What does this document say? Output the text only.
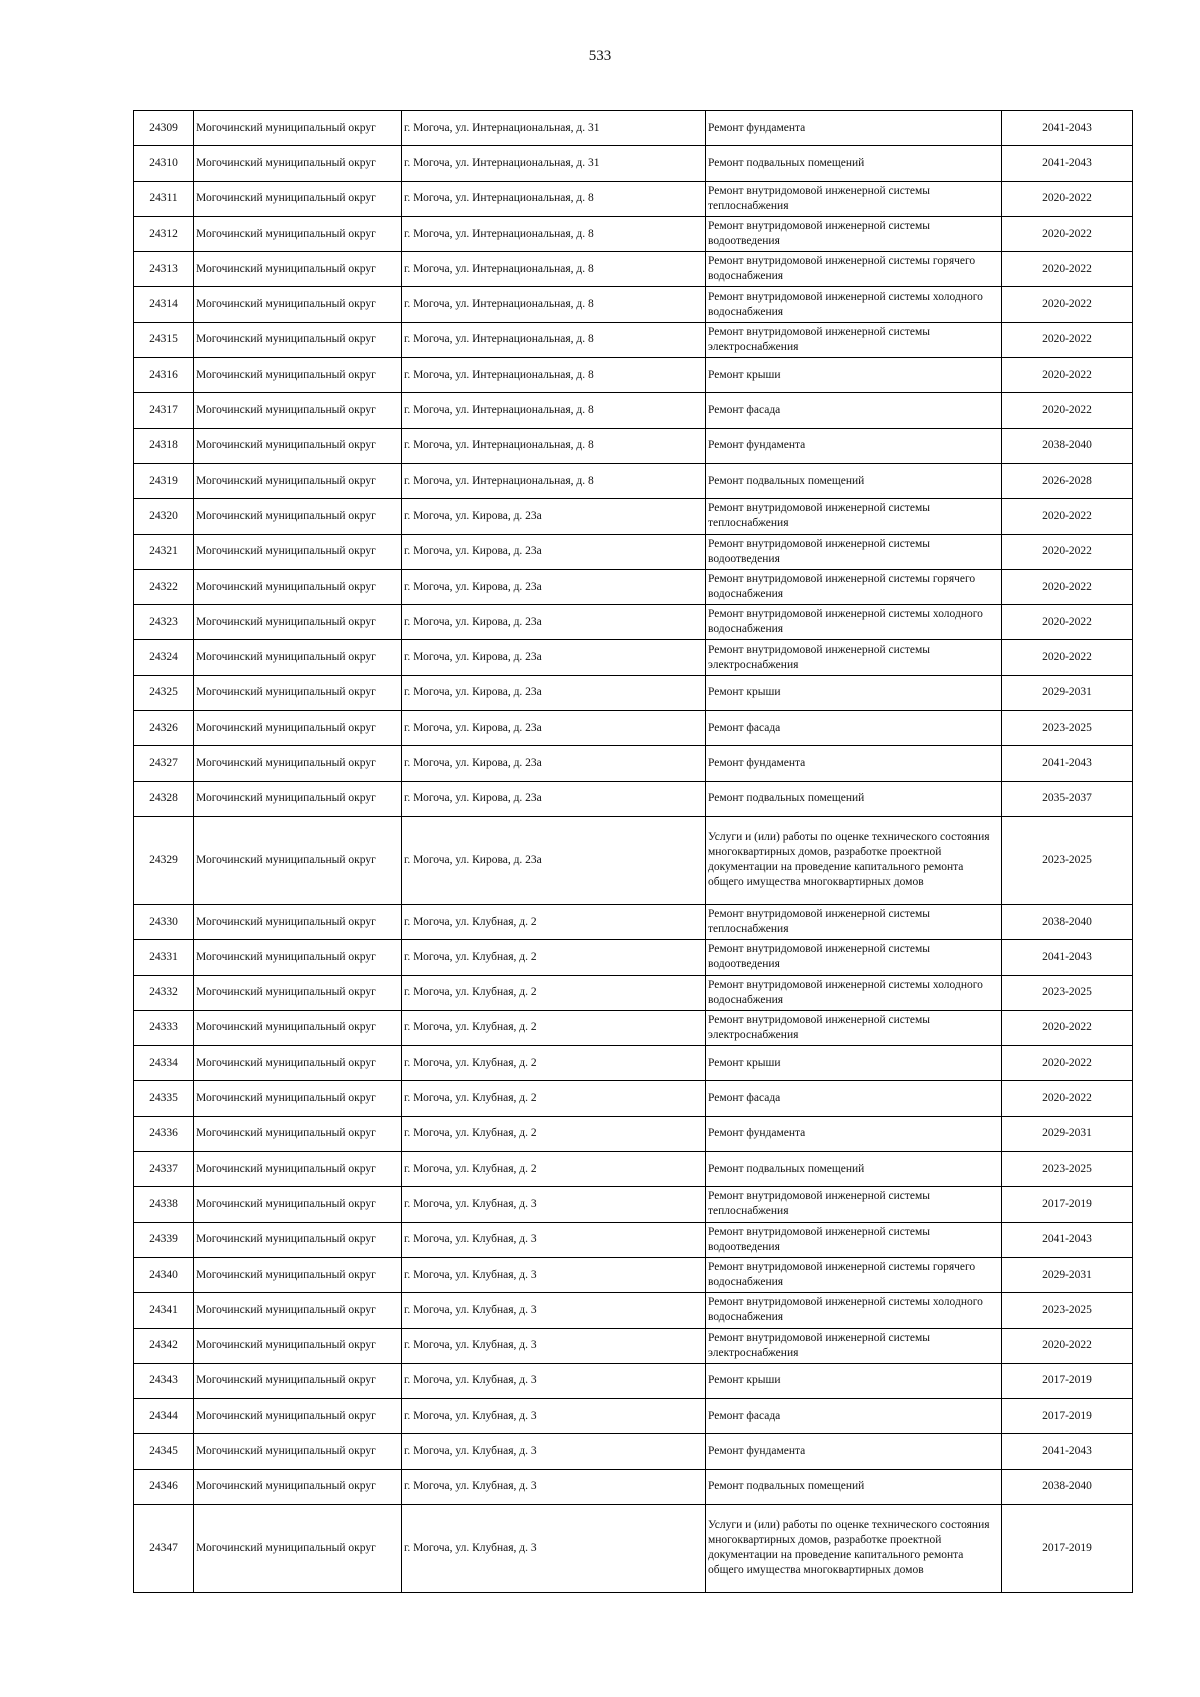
533
24309	Могочинский муниципальный округ	г. Могоча, ул. Интернациональная, д. 31	Ремонт фундамента	2041-2043
24310	Могочинский муниципальный округ	г. Могоча, ул. Интернациональная, д. 31	Ремонт подвальных помещений	2041-2043
24311	Могочинский муниципальный округ	г. Могоча, ул. Интернациональная, д. 8	Ремонт внутридомовой инженерной системы теплоснабжения	2020-2022
24312	Могочинский муниципальный округ	г. Могоча, ул. Интернациональная, д. 8	Ремонт внутридомовой инженерной системы водоотведения	2020-2022
24313	Могочинский муниципальный округ	г. Могоча, ул. Интернациональная, д. 8	Ремонт внутридомовой инженерной системы горячего водоснабжения	2020-2022
24314	Могочинский муниципальный округ	г. Могоча, ул. Интернациональная, д. 8	Ремонт внутридомовой инженерной системы холодного водоснабжения	2020-2022
24315	Могочинский муниципальный округ	г. Могоча, ул. Интернациональная, д. 8	Ремонт внутридомовой инженерной системы электроснабжения	2020-2022
24316	Могочинский муниципальный округ	г. Могоча, ул. Интернациональная, д. 8	Ремонт крыши	2020-2022
24317	Могочинский муниципальный округ	г. Могоча, ул. Интернациональная, д. 8	Ремонт фасада	2020-2022
24318	Могочинский муниципальный округ	г. Могоча, ул. Интернациональная, д. 8	Ремонт фундамента	2038-2040
24319	Могочинский муниципальный округ	г. Могоча, ул. Интернациональная, д. 8	Ремонт подвальных помещений	2026-2028
24320	Могочинский муниципальный округ	г. Могоча, ул. Кирова, д. 23а	Ремонт внутридомовой инженерной системы теплоснабжения	2020-2022
24321	Могочинский муниципальный округ	г. Могоча, ул. Кирова, д. 23а	Ремонт внутридомовой инженерной системы водоотведения	2020-2022
24322	Могочинский муниципальный округ	г. Могоча, ул. Кирова, д. 23а	Ремонт внутридомовой инженерной системы горячего водоснабжения	2020-2022
24323	Могочинский муниципальный округ	г. Могоча, ул. Кирова, д. 23а	Ремонт внутридомовой инженерной системы холодного водоснабжения	2020-2022
24324	Могочинский муниципальный округ	г. Могоча, ул. Кирова, д. 23а	Ремонт внутридомовой инженерной системы электроснабжения	2020-2022
24325	Могочинский муниципальный округ	г. Могоча, ул. Кирова, д. 23а	Ремонт крыши	2029-2031
24326	Могочинский муниципальный округ	г. Могоча, ул. Кирова, д. 23а	Ремонт фасада	2023-2025
24327	Могочинский муниципальный округ	г. Могоча, ул. Кирова, д. 23а	Ремонт фундамента	2041-2043
24328	Могочинский муниципальный округ	г. Могоча, ул. Кирова, д. 23а	Ремонт подвальных помещений	2035-2037
24329	Могочинский муниципальный округ	г. Могоча, ул. Кирова, д. 23а	Услуги и (или) работы по оценке технического состояния многоквартирных домов, разработке проектной документации на проведение капитального ремонта общего имущества многоквартирных домов	2023-2025
24330	Могочинский муниципальный округ	г. Могоча, ул. Клубная, д. 2	Ремонт внутридомовой инженерной системы теплоснабжения	2038-2040
24331	Могочинский муниципальный округ	г. Могоча, ул. Клубная, д. 2	Ремонт внутридомовой инженерной системы водоотведения	2041-2043
24332	Могочинский муниципальный округ	г. Могоча, ул. Клубная, д. 2	Ремонт внутридомовой инженерной системы холодного водоснабжения	2023-2025
24333	Могочинский муниципальный округ	г. Могоча, ул. Клубная, д. 2	Ремонт внутридомовой инженерной системы электроснабжения	2020-2022
24334	Могочинский муниципальный округ	г. Могоча, ул. Клубная, д. 2	Ремонт крыши	2020-2022
24335	Могочинский муниципальный округ	г. Могоча, ул. Клубная, д. 2	Ремонт фасада	2020-2022
24336	Могочинский муниципальный округ	г. Могоча, ул. Клубная, д. 2	Ремонт фундамента	2029-2031
24337	Могочинский муниципальный округ	г. Могоча, ул. Клубная, д. 2	Ремонт подвальных помещений	2023-2025
24338	Могочинский муниципальный округ	г. Могоча, ул. Клубная, д. 3	Ремонт внутридомовой инженерной системы теплоснабжения	2017-2019
24339	Могочинский муниципальный округ	г. Могоча, ул. Клубная, д. 3	Ремонт внутридомовой инженерной системы водоотведения	2041-2043
24340	Могочинский муниципальный округ	г. Могоча, ул. Клубная, д. 3	Ремонт внутридомовой инженерной системы горячего водоснабжения	2029-2031
24341	Могочинский муниципальный округ	г. Могоча, ул. Клубная, д. 3	Ремонт внутридомовой инженерной системы холодного водоснабжения	2023-2025
24342	Могочинский муниципальный округ	г. Могоча, ул. Клубная, д. 3	Ремонт внутридомовой инженерной системы электроснабжения	2020-2022
24343	Могочинский муниципальный округ	г. Могоча, ул. Клубная, д. 3	Ремонт крыши	2017-2019
24344	Могочинский муниципальный округ	г. Могоча, ул. Клубная, д. 3	Ремонт фасада	2017-2019
24345	Могочинский муниципальный округ	г. Могоча, ул. Клубная, д. 3	Ремонт фундамента	2041-2043
24346	Могочинский муниципальный округ	г. Могоча, ул. Клубная, д. 3	Ремонт подвальных помещений	2038-2040
24347	Могочинский муниципальный округ	г. Могоча, ул. Клубная, д. 3	Услуги и (или) работы по оценке технического состояния многоквартирных домов, разработке проектной документации на проведение капитального ремонта общего имущества многоквартирных домов	2017-2019
